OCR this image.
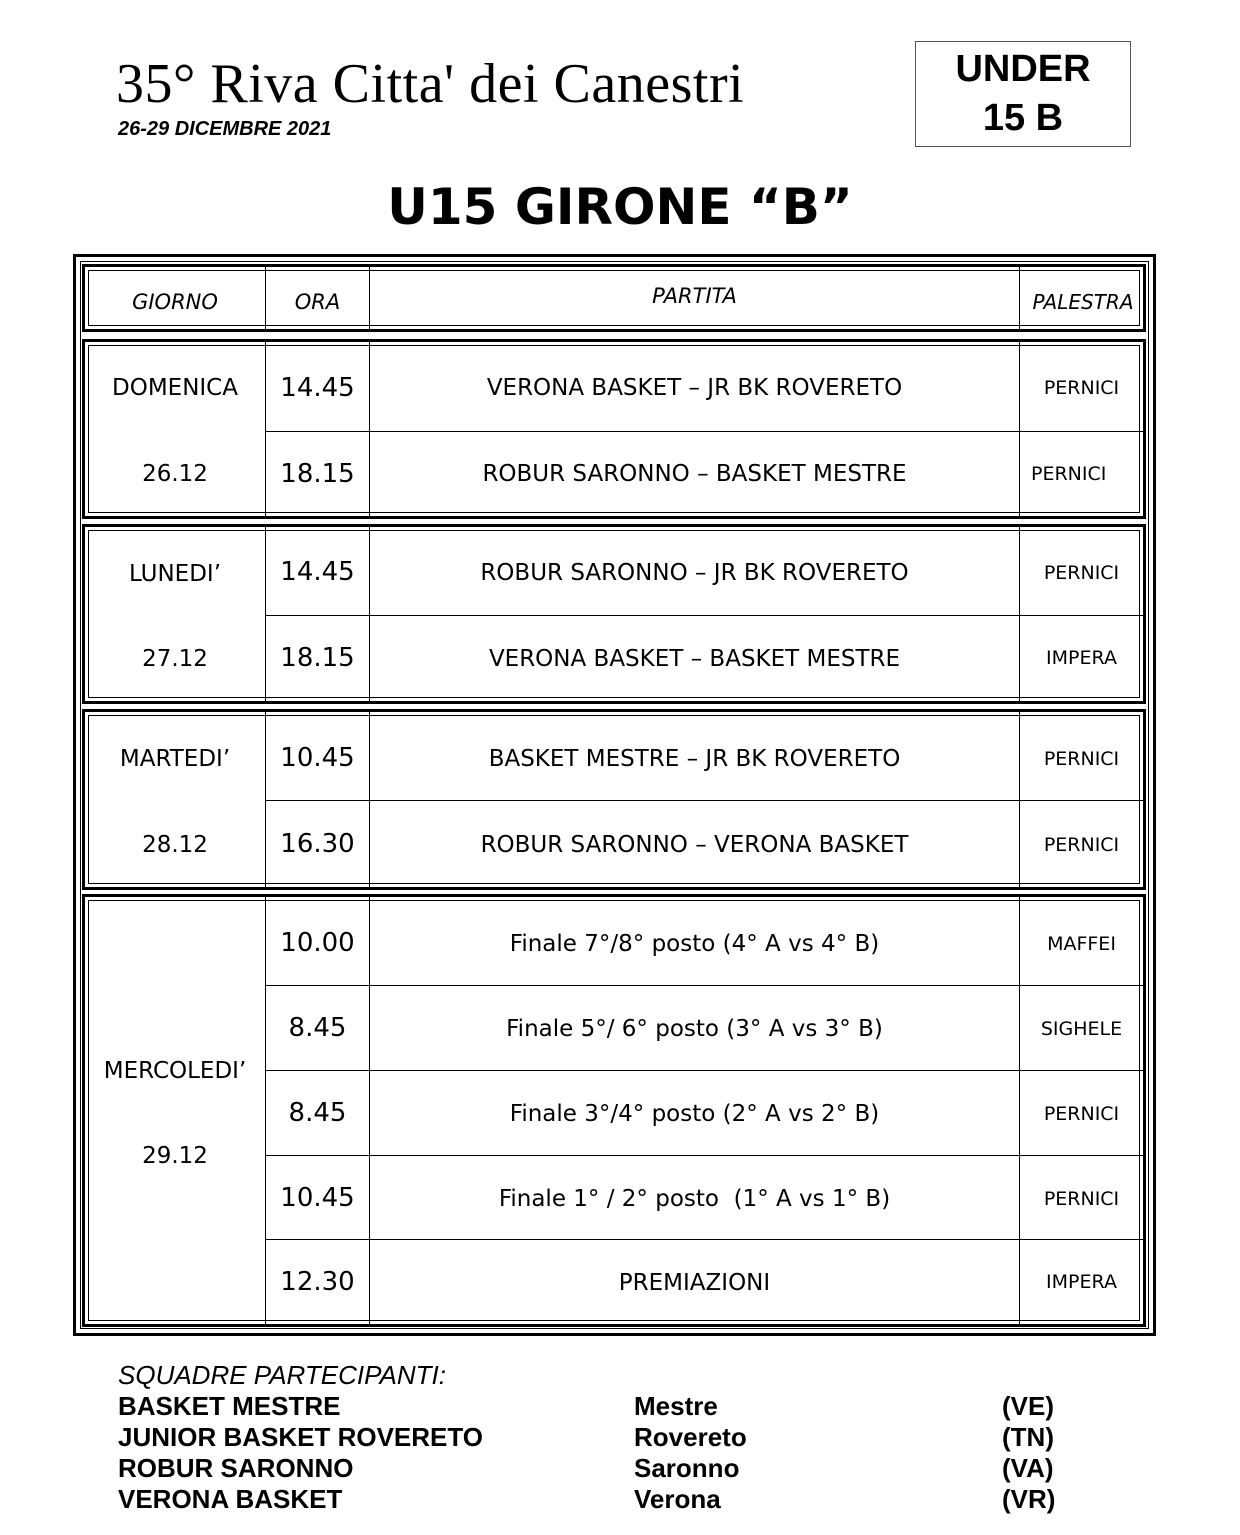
35° Riva Citta' dei Canestri
26-29 DICEMBRE 2021
UNDER
15 B
U15 GIRONE “B”
GIORNO	ORA	PARTITA	PALESTRA
DOMENICA
26.12
14.45	VERONA BASKET – JR BK ROVERETO	PERNICI
18.15	ROBUR SARONNO – BASKET MESTRE	PERNICI
LUNEDI’
27.12
14.45	ROBUR SARONNO – JR BK ROVERETO	PERNICI
18.15	VERONA BASKET – BASKET MESTRE	IMPERA
MARTEDI’
28.12
10.45	BASKET MESTRE – JR BK ROVERETO	PERNICI
16.30	ROBUR SARONNO – VERONA BASKET	PERNICI
MERCOLEDI’
29.12
10.00	Finale 7°/8° posto (4° A vs 4° B)	MAFFEI
8.45	Finale 5°/ 6° posto (3° A vs 3° B)	SIGHELE
8.45	Finale 3°/4° posto (2° A vs 2° B)	PERNICI
10.45	Finale 1° / 2° posto  (1° A vs 1° B)	PERNICI
12.30	PREMIAZIONI	IMPERA
SQUADRE PARTECIPANTI:
BASKET MESTRE	Mestre	(VE)
JUNIOR BASKET ROVERETO	Rovereto	(TN)
ROBUR SARONNO	Saronno	(VA)
VERONA BASKET	Verona	(VR)
